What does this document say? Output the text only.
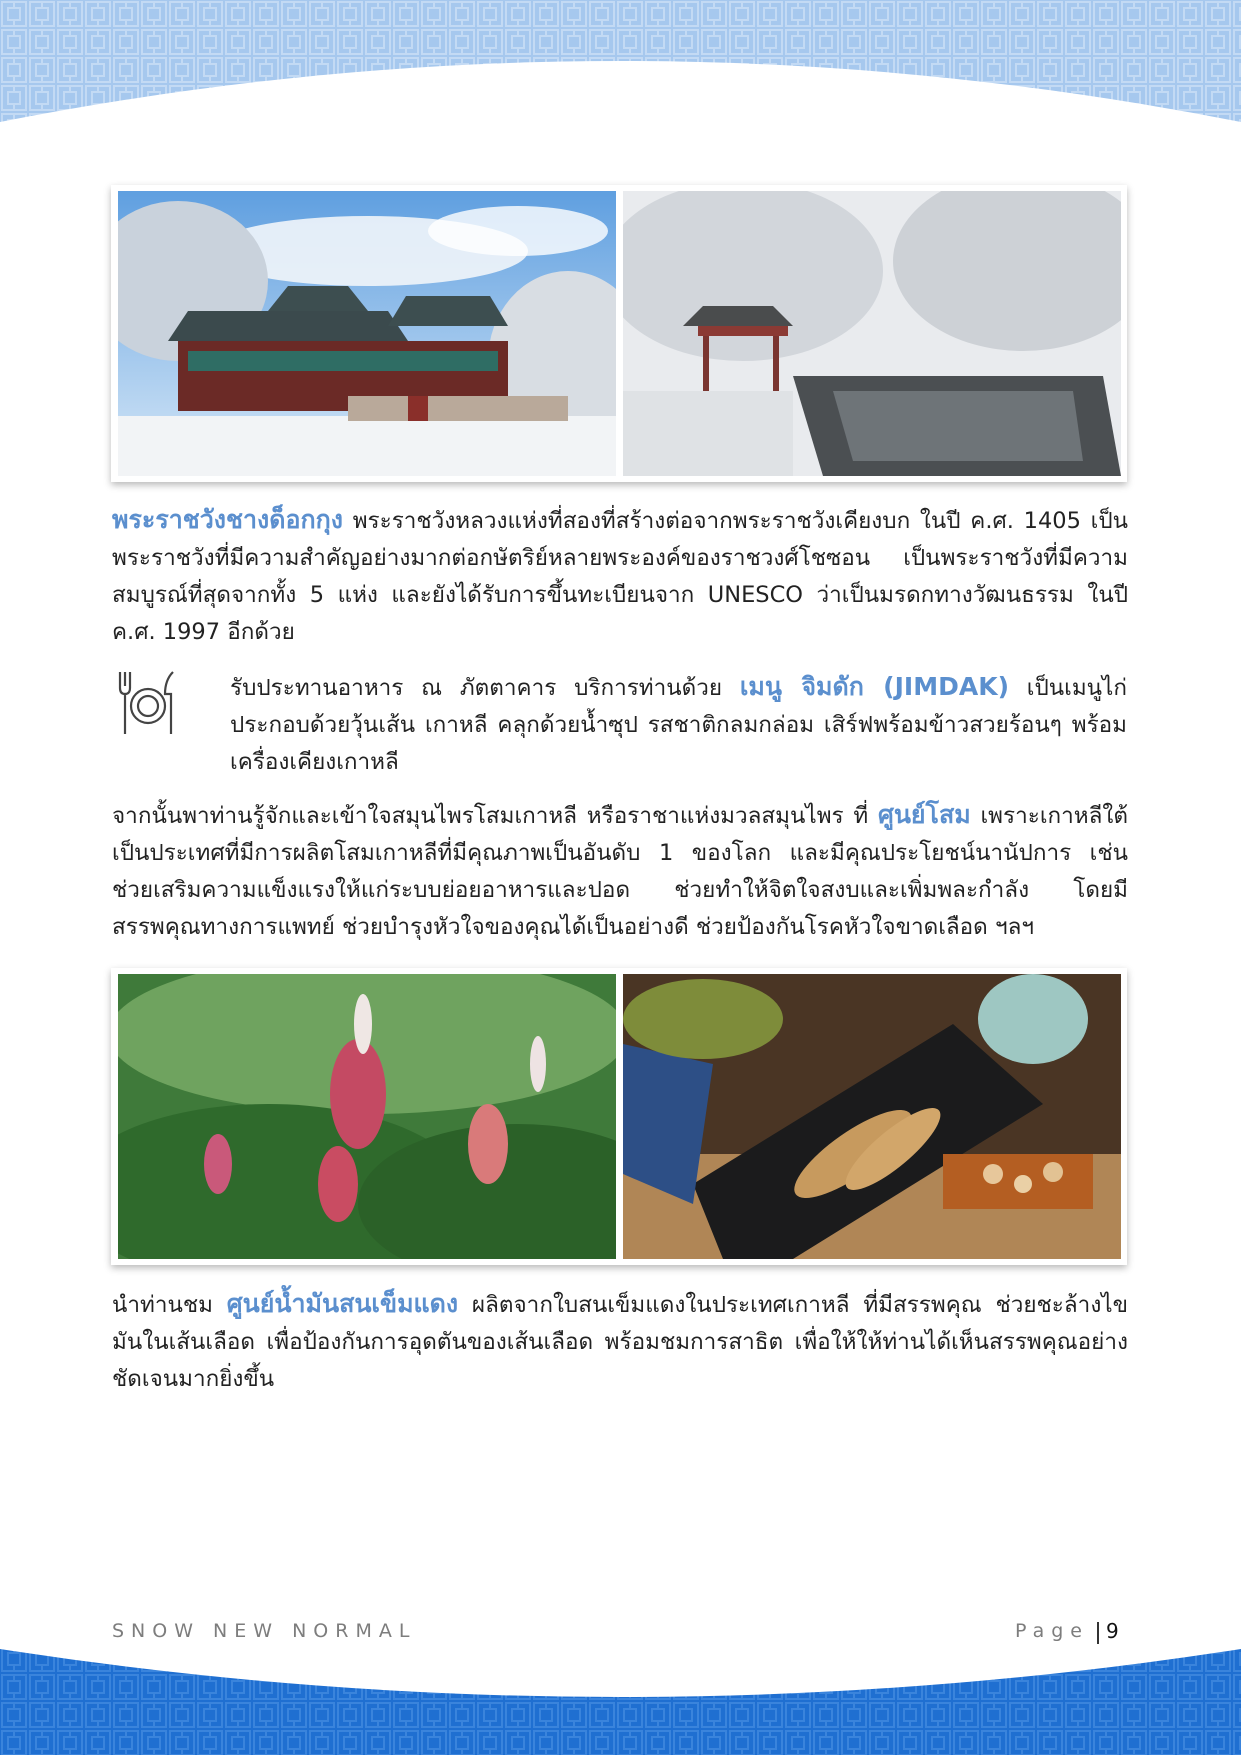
พระราชวังชางด็อกกุง พระราชวังหลวงแห่งที่สองที่สร้างต่อจากพระราชวังเคียงบก ในปี ค.ศ. 1405 เป็นพระราชวังที่มีความสำคัญอย่างมากต่อกษัตริย์หลายพระองค์ของราชวงศ์โชซอน เป็นพระราชวังที่มีความสมบูรณ์ที่สุดจากทั้ง 5 แห่ง และยังได้รับการขึ้นทะเบียนจาก UNESCO ว่าเป็นมรดกทางวัฒนธรรม ในปี ค.ศ. 1997 อีกด้วย
รับประทานอาหาร ณ ภัตตาคาร บริการท่านด้วย เมนู จิมดัก (JIMDAK) เป็นเมนูไก่ประกอบด้วยวุ้นเส้น เกาหลี คลุกด้วยน้ำซุป รสชาติกลมกล่อม เสิร์ฟพร้อมข้าวสวยร้อนๆ พร้อมเครื่องเคียงเกาหลี
จากนั้นพาท่านรู้จักและเข้าใจสมุนไพรโสมเกาหลี หรือราชาแห่งมวลสมุนไพร ที่ ศูนย์โสม เพราะเกาหลีใต้เป็นประเทศที่มีการผลิตโสมเกาหลีที่มีคุณภาพเป็นอันดับ 1 ของโลก และมีคุณประโยชน์นานัปการ เช่น ช่วยเสริมความแข็งแรงให้แก่ระบบย่อยอาหารและปอด ช่วยทำให้จิตใจสงบและเพิ่มพละกำลัง โดยมีสรรพคุณทางการแพทย์ ช่วยบำรุงหัวใจของคุณได้เป็นอย่างดี ช่วยป้องกันโรคหัวใจขาดเลือด ฯลฯ
นำท่านชม ศูนย์น้ำมันสนเข็มแดง ผลิตจากใบสนเข็มแดงในประเทศเกาหลี ที่มีสรรพคุณ ช่วยชะล้างไขมันในเส้นเลือด เพื่อป้องกันการอุดตันของเส้นเลือด พร้อมชมการสาธิต เพื่อให้ให้ท่านได้เห็นสรรพคุณอย่างชัดเจนมากยิ่งขึ้น
SNOW NEW NORMAL	Page 9
